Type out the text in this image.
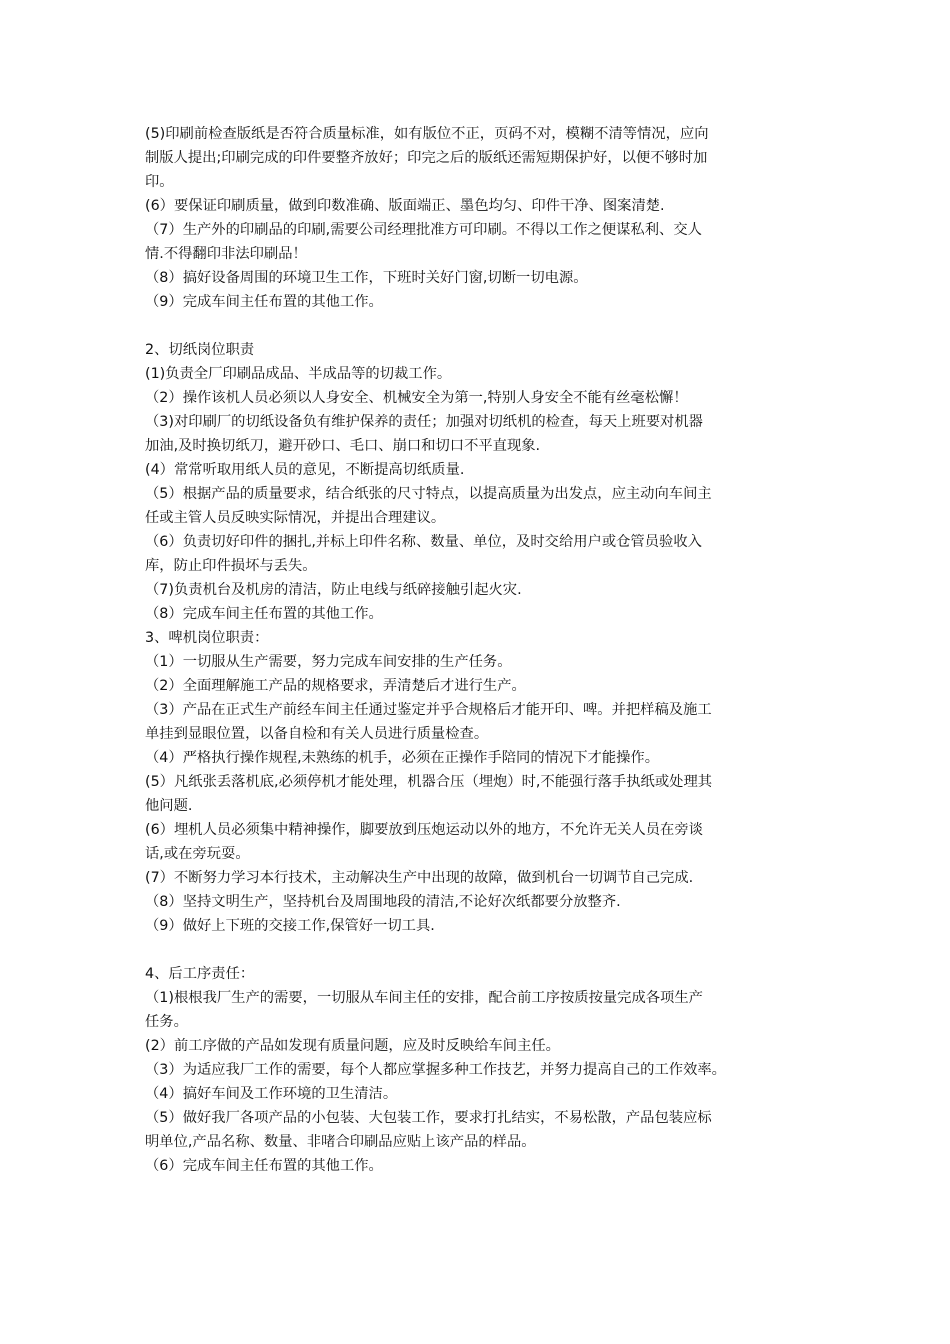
(5)印刷前检查版纸是否符合质量标准，如有版位不正，页码不对，模糊不清等情况，应向
制版人提出;印刷完成的印件要整齐放好；印完之后的版纸还需短期保护好，以便不够时加
印。
(6）要保证印刷质量，做到印数准确、版面端正、墨色均匀、印件干净、图案清楚.
（7）生产外的印刷品的印刷,需要公司经理批准方可印刷。不得以工作之便谋私利、交人
情.不得翻印非法印刷品！
（8）搞好设备周围的环境卫生工作，下班时关好门窗,切断一切电源。
（9）完成车间主任布置的其他工作。
2、切纸岗位职责
(1)负责全厂印刷品成品、半成品等的切裁工作。
（2）操作该机人员必须以人身安全、机械安全为第一,特别人身安全不能有丝毫松懈！
（3)对印刷厂的切纸设备负有维护保养的责任；加强对切纸机的检查，每天上班要对机器
加油,及时换切纸刀，避开砂口、毛口、崩口和切口不平直现象.
(4）常常听取用纸人员的意见，不断提高切纸质量.
（5）根据产品的质量要求，结合纸张的尺寸特点，以提高质量为出发点，应主动向车间主
任或主管人员反映实际情况，并提出合理建议。
（6）负责切好印件的捆扎,并标上印件名称、数量、单位，及时交给用户或仓管员验收入
库，防止印件损坏与丢失。
（7)负责机台及机房的清洁，防止电线与纸碎接触引起火灾.
（8）完成车间主任布置的其他工作。
3、啤机岗位职责：
（1）一切服从生产需要，努力完成车间安排的生产任务。
（2）全面理解施工产品的规格要求，弄清楚后才进行生产。
（3）产品在正式生产前经车间主任通过鉴定并乎合规格后才能开印、啤。并把样稿及施工
单挂到显眼位置，以备自检和有关人员进行质量检查。
（4）严格执行操作规程,未熟练的机手，必须在正操作手陪同的情况下才能操作。
(5）凡纸张丢落机底,必须停机才能处理，机器合压（埋炮）时,不能强行落手执纸或处理其
他问题.
(6）埋机人员必须集中精神操作，脚要放到压炮运动以外的地方，不允许无关人员在旁谈
话,或在旁玩耍。
(7）不断努力学习本行技术，主动解决生产中出现的故障，做到机台一切调节自己完成.
（8）坚持文明生产，坚持机台及周围地段的清洁,不论好次纸都要分放整齐.
（9）做好上下班的交接工作,保管好一切工具.
4、后工序责任：
（1)根根我厂生产的需要，一切服从车间主任的安排，配合前工序按质按量完成各项生产
任务。
(2）前工序做的产品如发现有质量问题，应及时反映给车间主任。
（3）为适应我厂工作的需要，每个人都应掌握多种工作技艺，并努力提高自己的工作效率。
（4）搞好车间及工作环境的卫生清洁。
（5）做好我厂各项产品的小包装、大包装工作，要求打扎结实，不易松散，产品包装应标
明单位,产品名称、数量、非啫合印刷品应贴上该产品的样品。
（6）完成车间主任布置的其他工作。
